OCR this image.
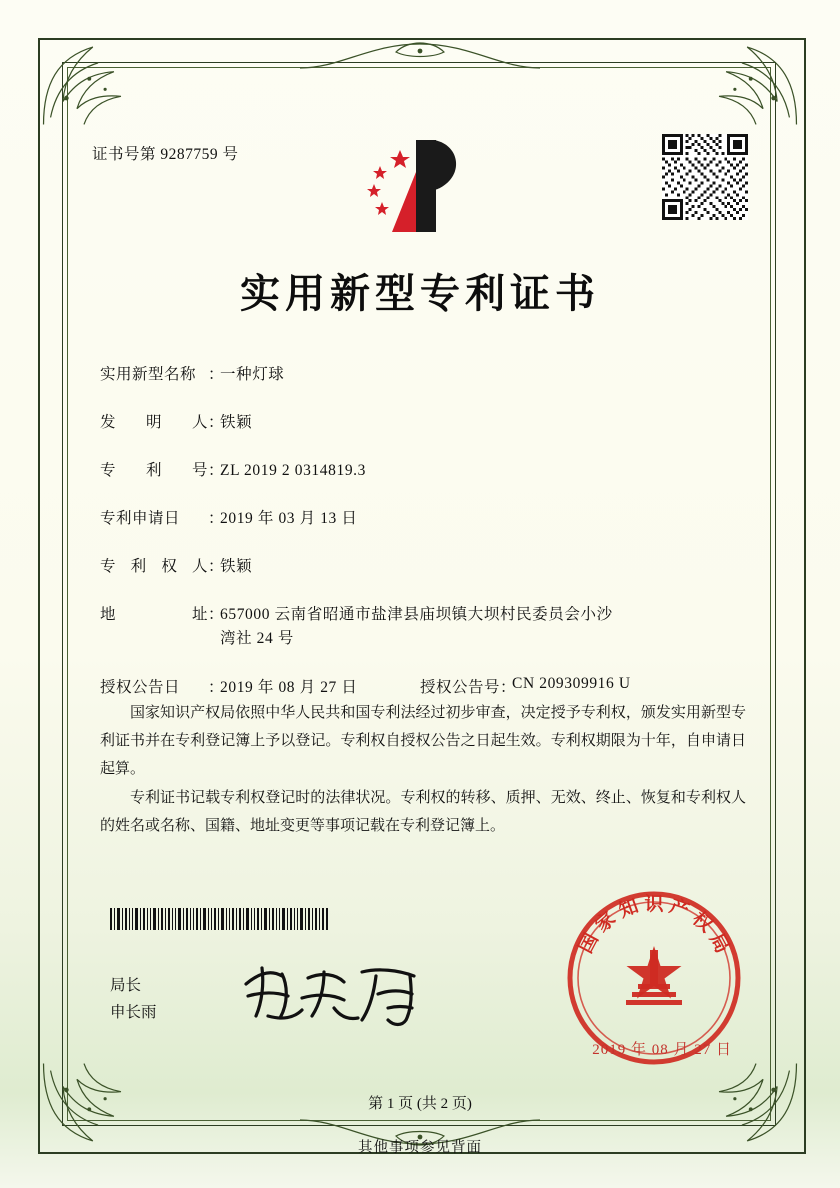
证书号第 9287759 号
实用新型专利证书
实用新型名称 ：
一种灯球
发 明 人 ：
铁颖
专 利 号 ：
ZL 2019 2 0314819.3
专利申请日	：
2019 年 03 月 13 日
专 利 权 人 ：
铁颖
地	址 ：
657000 云南省昭通市盐津县庙坝镇大坝村民委员会小沙
湾社 24 号
授权公告日	：
2019 年 08 月 27 日	授权公告号 ：
CN 209309916 U

国家知识产权局依照中华人民共和国专利法经过初步审查，决定授予专利权，颁发实用新型专利证书并在专利登记簿上予以登记。专利权自授权公告之日起生效。专利权期限为十年，自申请日起算。

专利证书记载专利权登记时的法律状况。专利权的转移、质押、无效、终止、恢复和专利权人的姓名或名称、国籍、地址变更等事项记载在专利登记簿上。

局长
申长雨
国
家
知 识 产
权
局
2019 年 08 月 27 日
第 1 页 (共 2 页)
其他事项参见背面
